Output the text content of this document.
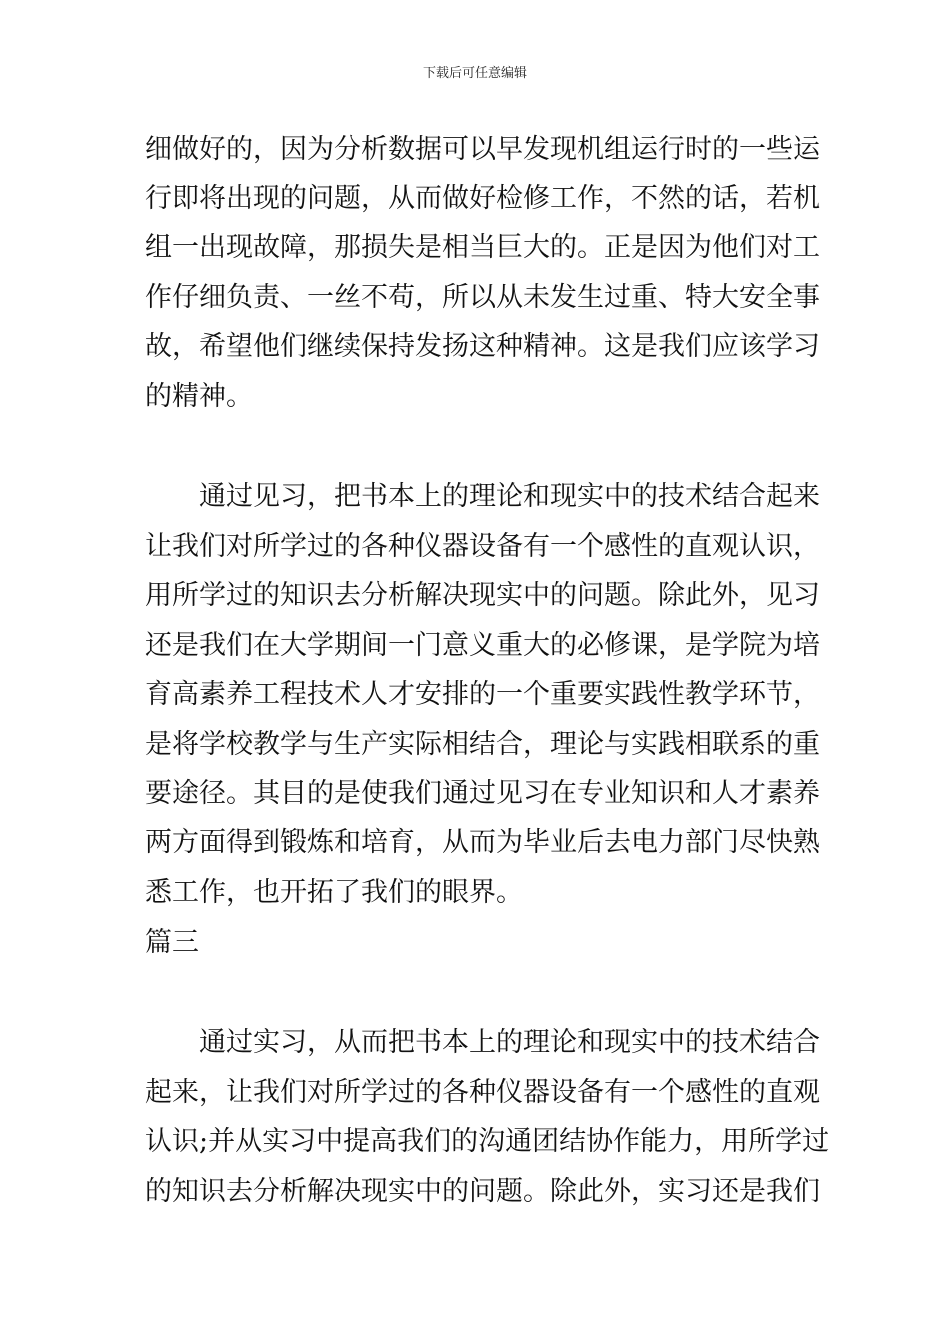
下载后可任意编辑
细做好的，因为分析数据可以早发现机组运行时的一些运
行即将出现的问题，从而做好检修工作，不然的话，若机
组一出现故障，那损失是相当巨大的。正是因为他们对工
作仔细负责、一丝不苟，所以从未发生过重、特大安全事
故，希望他们继续保持发扬这种精神。这是我们应该学习
的精神。
通过见习，把书本上的理论和现实中的技术结合起来
让我们对所学过的各种仪器设备有一个感性的直观认识，
用所学过的知识去分析解决现实中的问题。除此外，见习
还是我们在大学期间一门意义重大的必修课，是学院为培
育高素养工程技术人才安排的一个重要实践性教学环节，
是将学校教学与生产实际相结合，理论与实践相联系的重
要途径。其目的是使我们通过见习在专业知识和人才素养
两方面得到锻炼和培育，从而为毕业后去电力部门尽快熟
悉工作，也开拓了我们的眼界。
篇三
通过实习，从而把书本上的理论和现实中的技术结合
起来，让我们对所学过的各种仪器设备有一个感性的直观
认识;并从实习中提高我们的沟通团结协作能力，用所学过
的知识去分析解决现实中的问题。除此外，实习还是我们
